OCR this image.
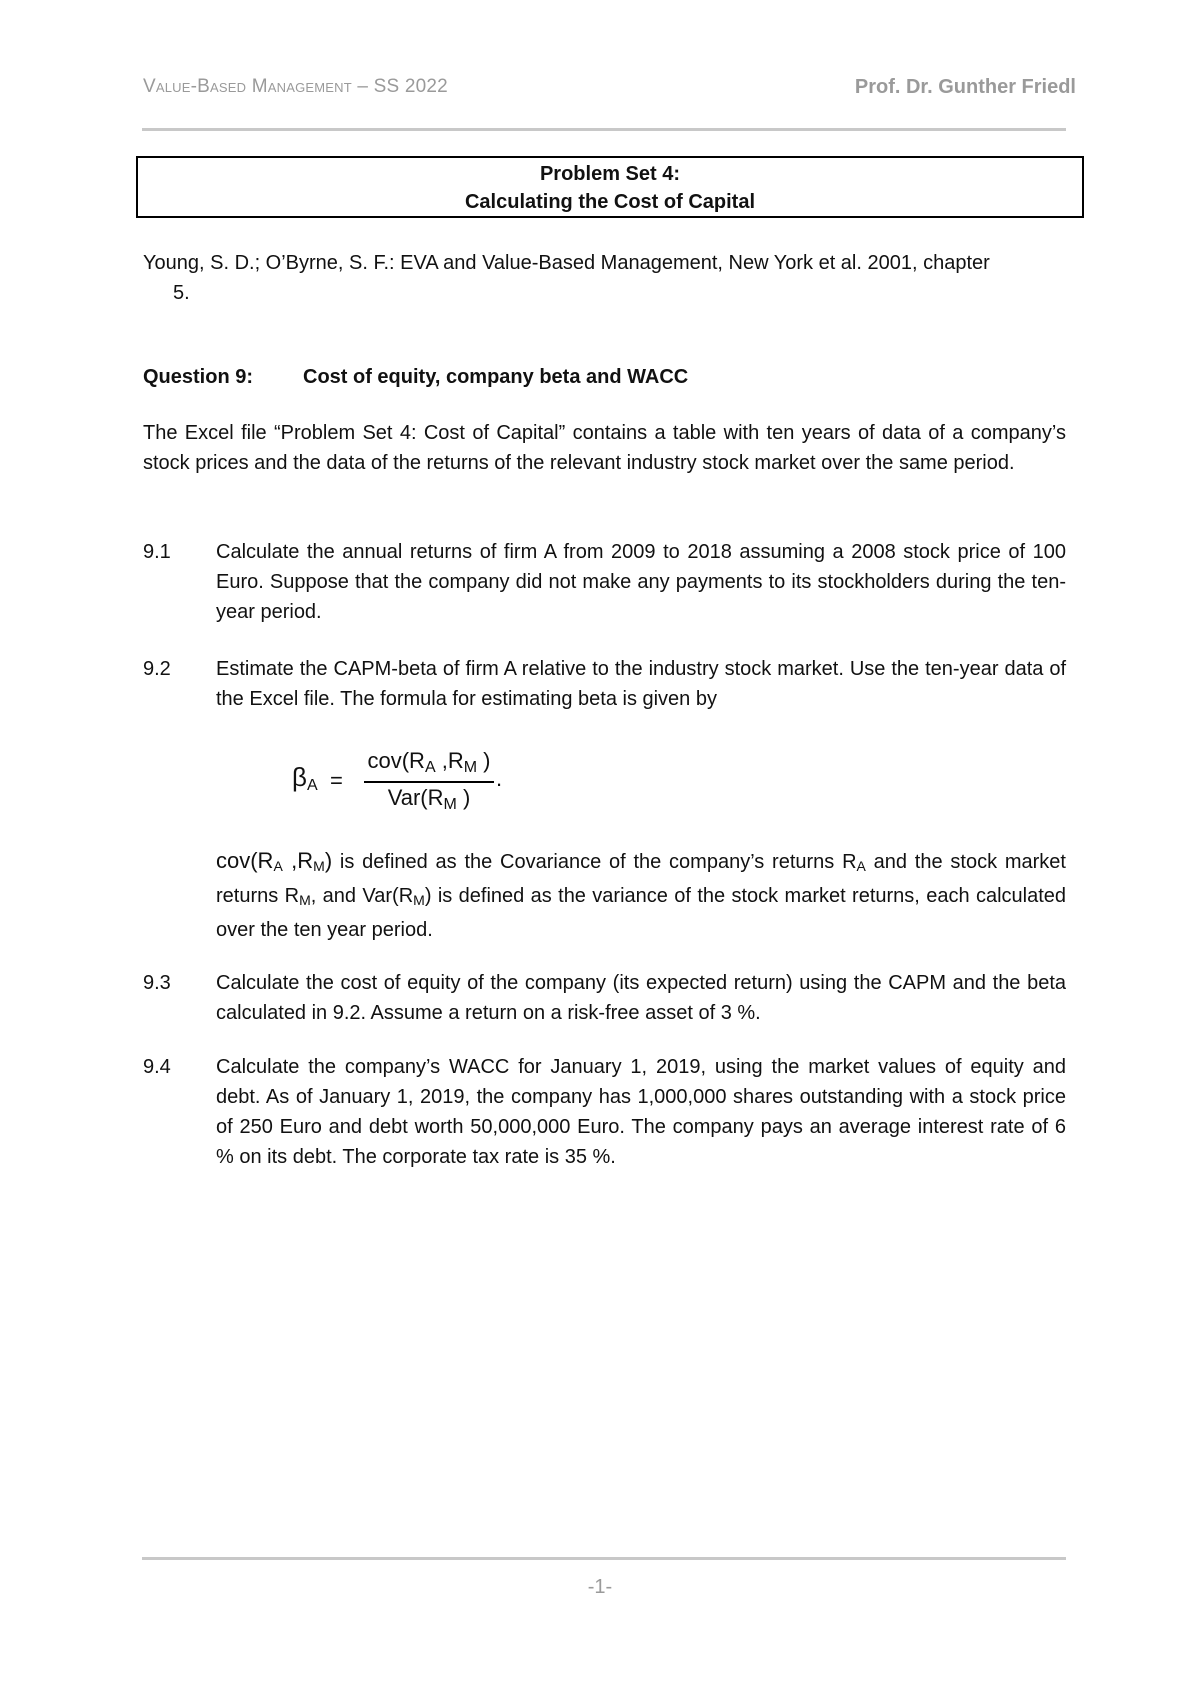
Value-Based Management – SS 2022	Prof. Dr. Gunther Friedl
Problem Set 4:
Calculating the Cost of Capital
Young, S. D.; O’Byrne, S. F.: EVA and Value-Based Management, New York et al. 2001, chapter
5.
Question 9: Cost of equity, company beta and WACC
The Excel file “Problem Set 4: Cost of Capital” contains a table with ten years of data of a company’s stock prices and the data of the returns of the relevant industry stock market over the same period.
9.1 Calculate the annual returns of firm A from 2009 to 2018 assuming a 2008 stock price of 100 Euro. Suppose that the company did not make any payments to its stockholders during the ten-year period.
9.2 Estimate the CAPM-beta of firm A relative to the industry stock market. Use the ten-year data of the Excel file. The formula for estimating beta is given by
$\beta_A$ =
$cov(R_A$ $,R_M$ )
$Var(R_M$ )
.
cov(RA ,RM) is defined as the Covariance of the company’s returns RA and the stock market returns RM, and Var(RM) is defined as the variance of the stock market returns, each calculated over the ten year period.
9.3 Calculate the cost of equity of the company (its expected return) using the CAPM and the beta calculated in 9.2. Assume a return on a risk-free asset of 3 %.
9.4 Calculate the company’s WACC for January 1, 2019, using the market values of equity and debt. As of January 1, 2019, the company has 1,000,000 shares outstanding with a stock price of 250 Euro and debt worth 50,000,000 Euro. The company pays an average interest rate of 6 % on its debt. The corporate tax rate is 35 %.
-1-
